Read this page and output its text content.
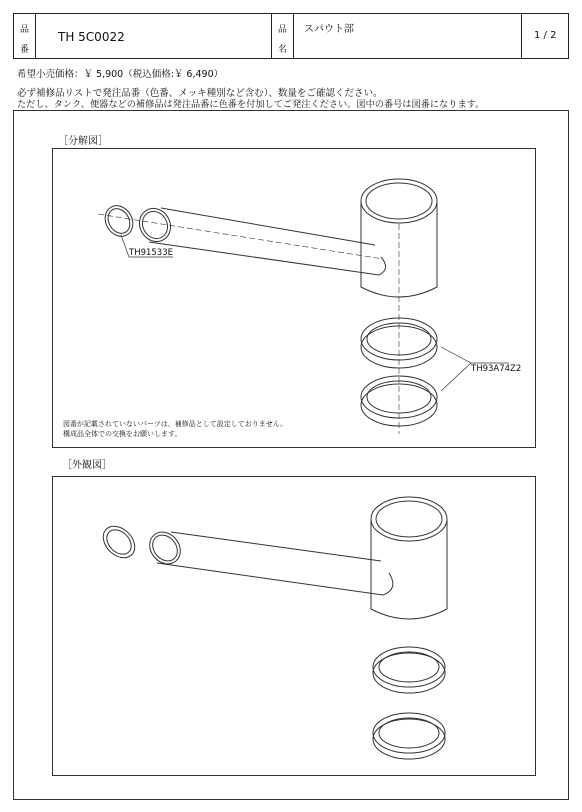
品
番
TH 5C0022	品
名
スパウト部
1 / 2
希望小売価格：￥ 5,900（税込価格:￥ 6,490）
必ず補修品リストで発注品番（色番、メッキ種別など含む）、数量をご確認ください。
ただし、タンク、便器などの補修品は発注品番に色番を付加してご発注ください。図中の番号は図番になります。
［分解図］
TH91533E
TH93A74Z2
図番が記載されていないパーツは、補修品として設定しておりません。
構成品全体での交換をお願いします。
［外観図］
